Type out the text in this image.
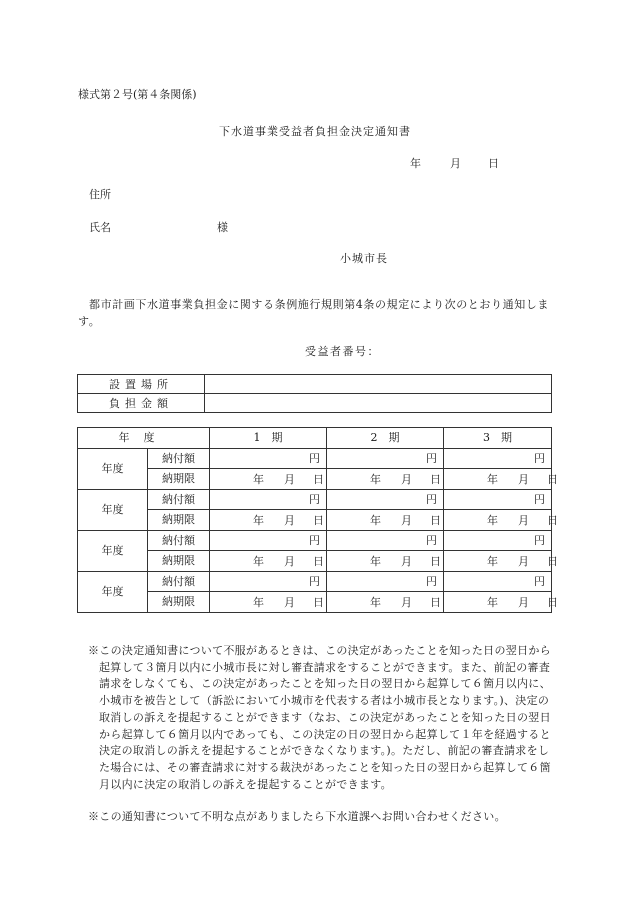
様式第２号(第４条関係)
下水道事業受益者負担金決定通知書
年	月 日
住所
氏名	様
小城市長
都市計画下水道事業負担金に関する条例施行規則第4条の規定により次のとおり通知します。
受益者番号：
設置場所	
負担金額	
年度		1　期	2　期	3　期
年度	納付額	円	円	円
	納期限	年 月 日	年 月 日	年 月 日

年度	納付額	円	円	円
	納期限	年 月 日	年 月 日	年 月 日

年度	納付額	円	円	円
	納期限	年 月 日	年 月 日	年 月 日

年度	納付額	円	円	円
	納期限	年 月 日	年 月 日	年 月 日
※この決定通知書について不服があるときは、この決定があったことを知った日の翌日から起算して３箇月以内に小城市長に対し審査請求をすることができます。また、前記の審査請求をしなくても、この決定があったことを知った日の翌日から起算して６箇月以内に、小城市を被告として（訴訟において小城市を代表する者は小城市長となります。)、決定の取消しの訴えを提起することができます（なお、この決定があったことを知った日の翌日から起算して６箇月以内であっても、この決定の日の翌日から起算して１年を経過すると決定の取消しの訴えを提起することができなくなります。)。ただし、前記の審査請求をした場合には、その審査請求に対する裁決があったことを知った日の翌日から起算して６箇月以内に決定の取消しの訴えを提起することができます。
※この通知書について不明な点がありましたら下水道課へお問い合わせください。
